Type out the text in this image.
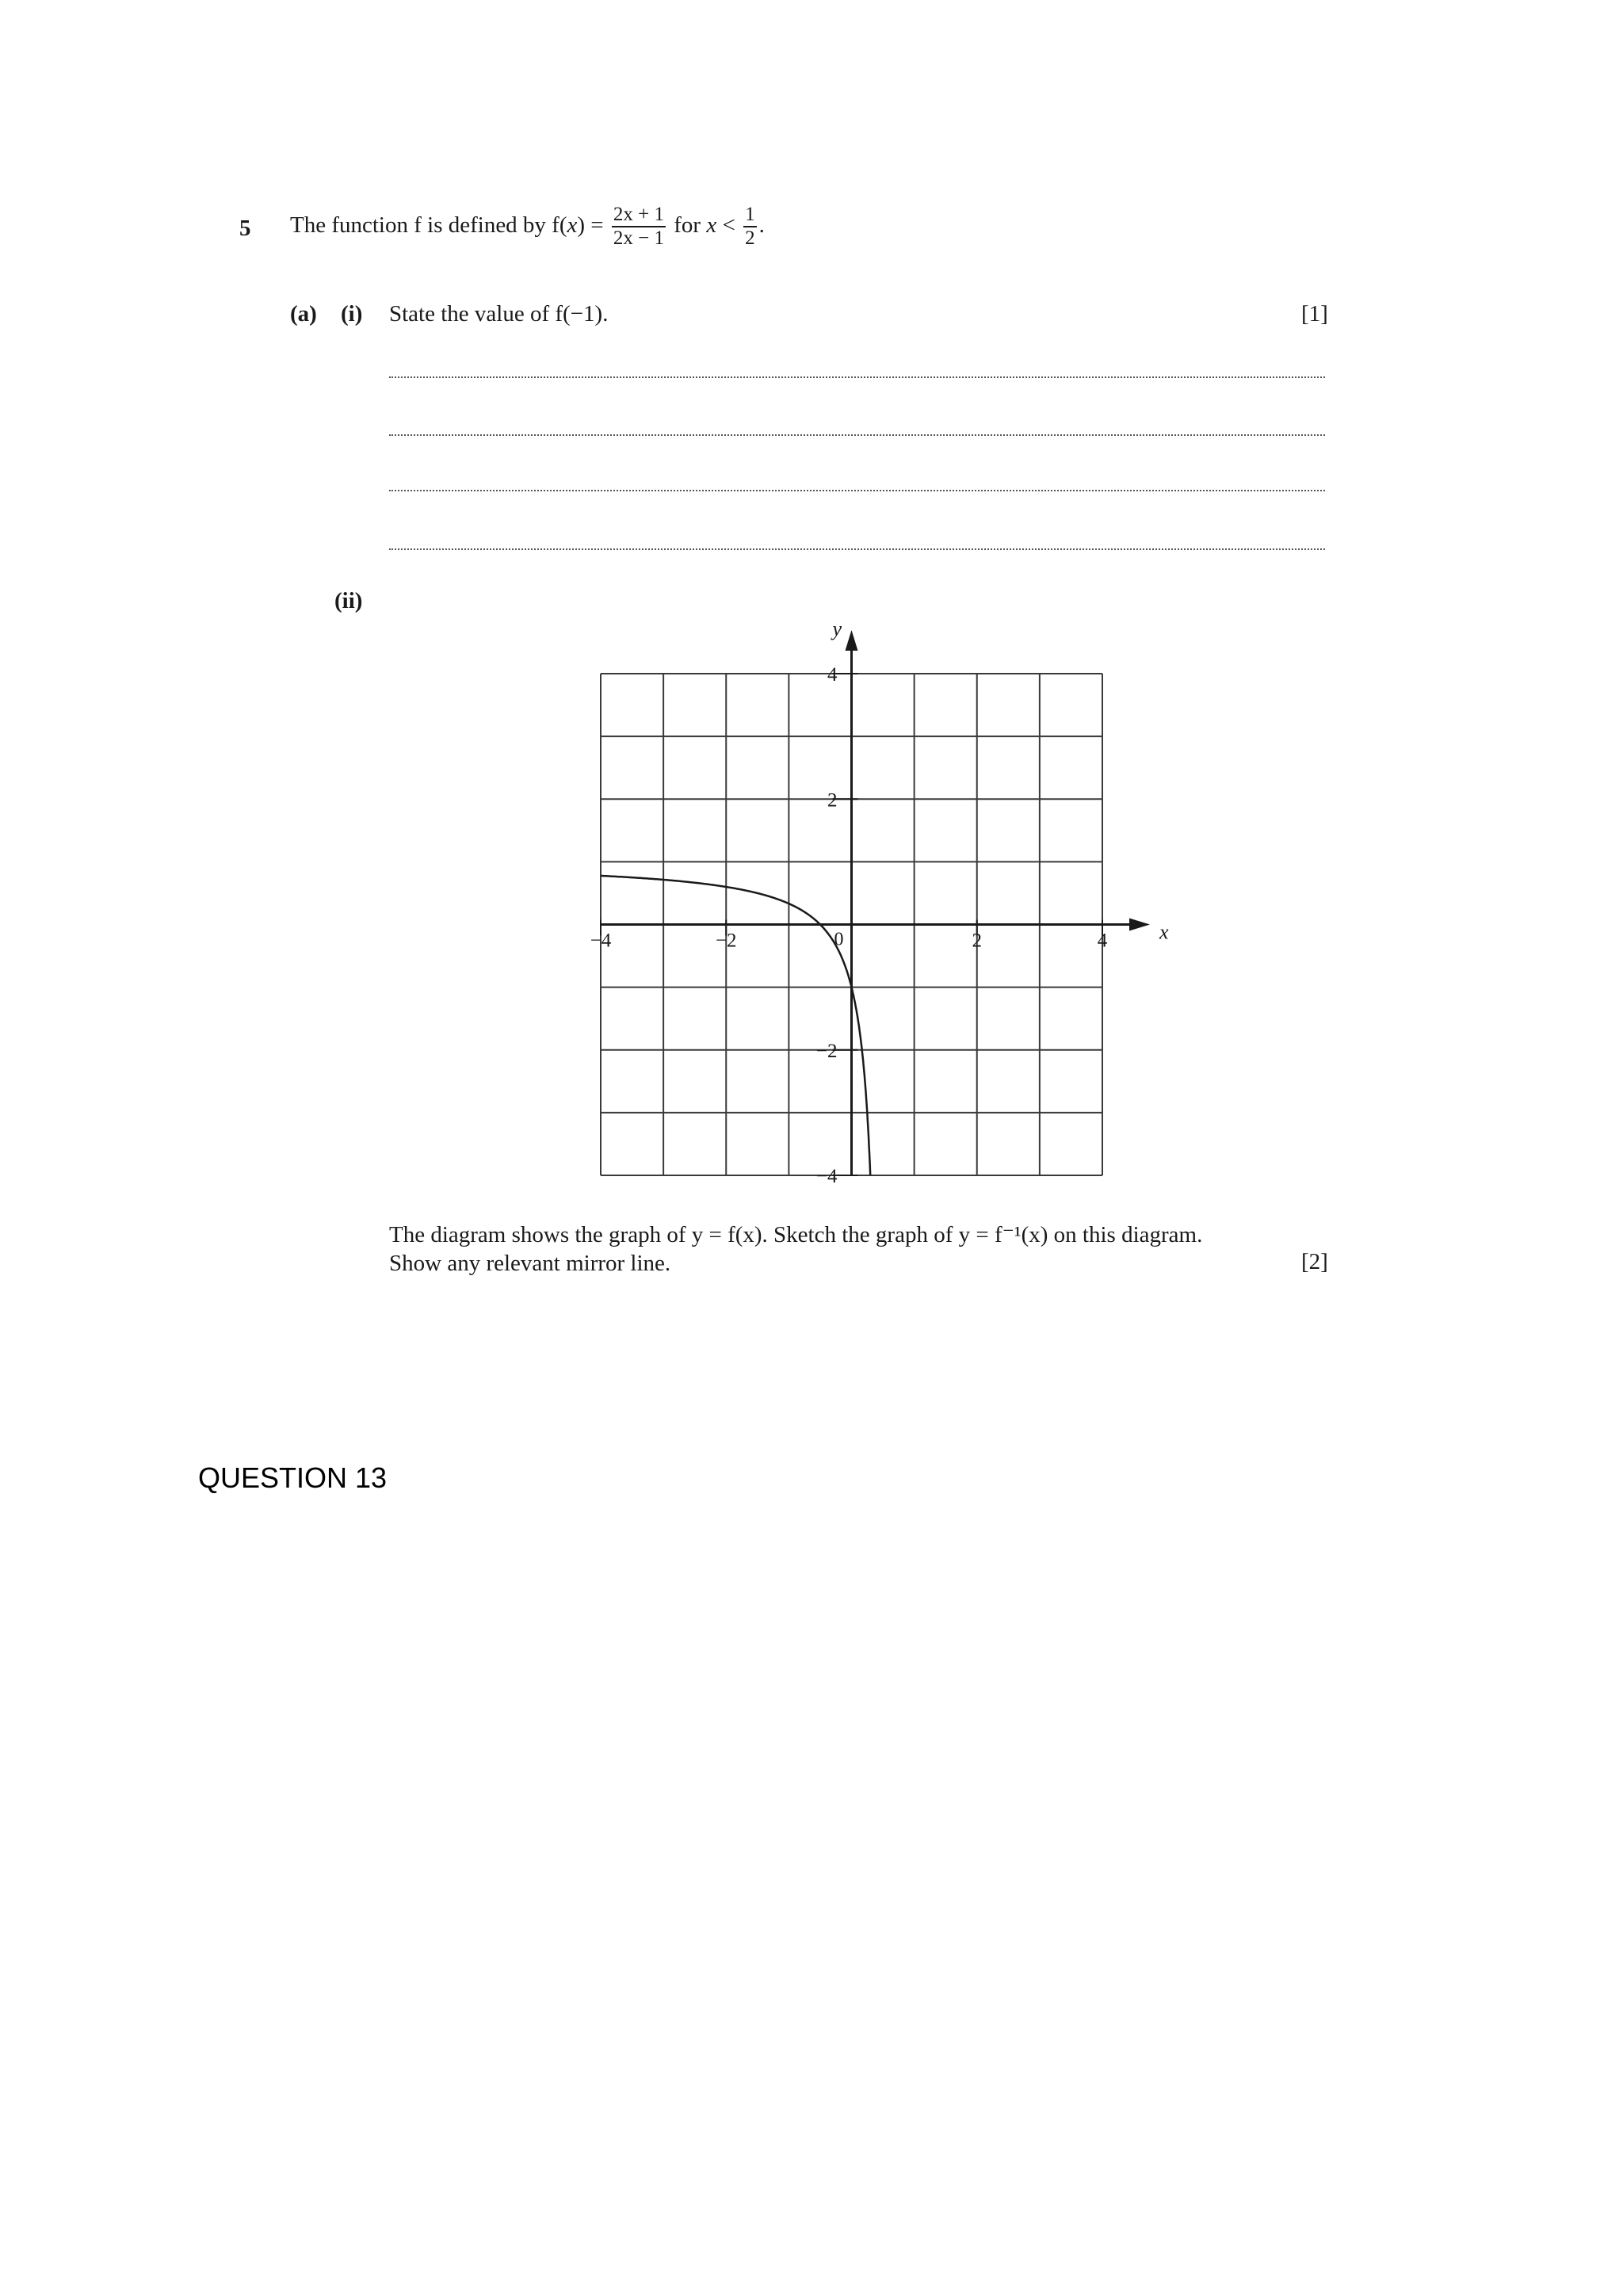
5 The function f is defined by $f(x) = \frac{2x + 1}{2x - 1}$ for $x < \frac{1}{2}$ .
(a) (i) State the value of f(−1).	[1]
(ii)
x
y
0
−4	−2	2	4
4
2
−2
−4
The diagram shows the graph of y = f(x). Sketch the graph of y = f⁻¹(x) on this diagram.
Show any relevant mirror line.	[2]
QUESTION 13
